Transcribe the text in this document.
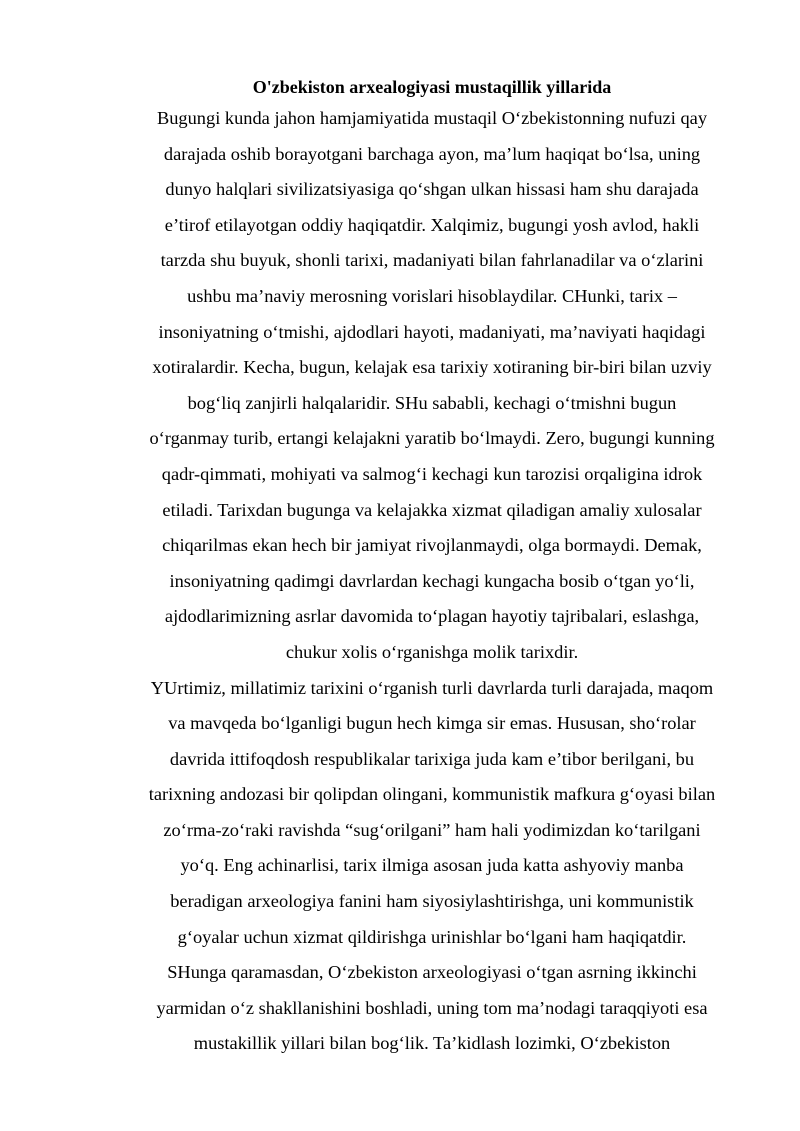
O'zbekiston arxealogiyasi mustaqillik yillarida
Bugungi kunda jahon hamjamiyatida mustaqil O‘zbekistonning nufuzi qay
darajada oshib borayotgani barchaga ayon, ma’lum haqiqat bo‘lsa, uning
dunyo halqlari sivilizatsiyasiga qo‘shgan ulkan hissasi ham shu darajada
e’tirof etilayotgan oddiy haqiqatdir. Xalqimiz, bugungi yosh avlod, hakli
tarzda shu buyuk, shonli tarixi, madaniyati bilan fahrlanadilar va o‘zlarini
ushbu ma’naviy merosning vorislari hisoblaydilar. CHunki, tarix –
insoniyatning o‘tmishi, ajdodlari hayoti, madaniyati, ma’naviyati haqidagi
xotiralardir. Kecha, bugun, kelajak esa tarixiy xotiraning bir-biri bilan uzviy
bog‘liq zanjirli halqalaridir. SHu sababli, kechagi o‘tmishni bugun
o‘rganmay turib, ertangi kelajakni yaratib bo‘lmaydi. Zero, bugungi kunning
qadr-qimmati, mohiyati va salmog‘i kechagi kun tarozisi orqaligina idrok
etiladi. Tarixdan bugunga va kelajakka xizmat qiladigan amaliy xulosalar
chiqarilmas ekan hech bir jamiyat rivojlanmaydi, olga bormaydi. Demak,
insoniyatning qadimgi davrlardan kechagi kungacha bosib o‘tgan yo‘li,
ajdodlarimizning asrlar davomida to‘plagan hayotiy tajribalari, eslashga,
chukur xolis o‘rganishga molik tarixdir.
YUrtimiz, millatimiz tarixini o‘rganish turli davrlarda turli darajada, maqom
va mavqeda bo‘lganligi bugun hech kimga sir emas. Hususan, sho‘rolar
davrida ittifoqdosh respublikalar tarixiga juda kam e’tibor berilgani, bu
tarixning andozasi bir qolipdan olingani, kommunistik mafkura g‘oyasi bilan
zo‘rma-zo‘raki ravishda “sug‘orilgani” ham hali yodimizdan ko‘tarilgani
yo‘q. Eng achinarlisi, tarix ilmiga asosan juda katta ashyoviy manba
beradigan arxeologiya fanini ham siyosiylashtirishga, uni kommunistik
g‘oyalar uchun xizmat qildirishga urinishlar bo‘lgani ham haqiqatdir.
SHunga qaramasdan, O‘zbekiston arxeologiyasi o‘tgan asrning ikkinchi
yarmidan o‘z shakllanishini boshladi, uning tom ma’nodagi taraqqiyoti esa
mustakillik yillari bilan bog‘lik. Ta’kidlash lozimki, O‘zbekiston
